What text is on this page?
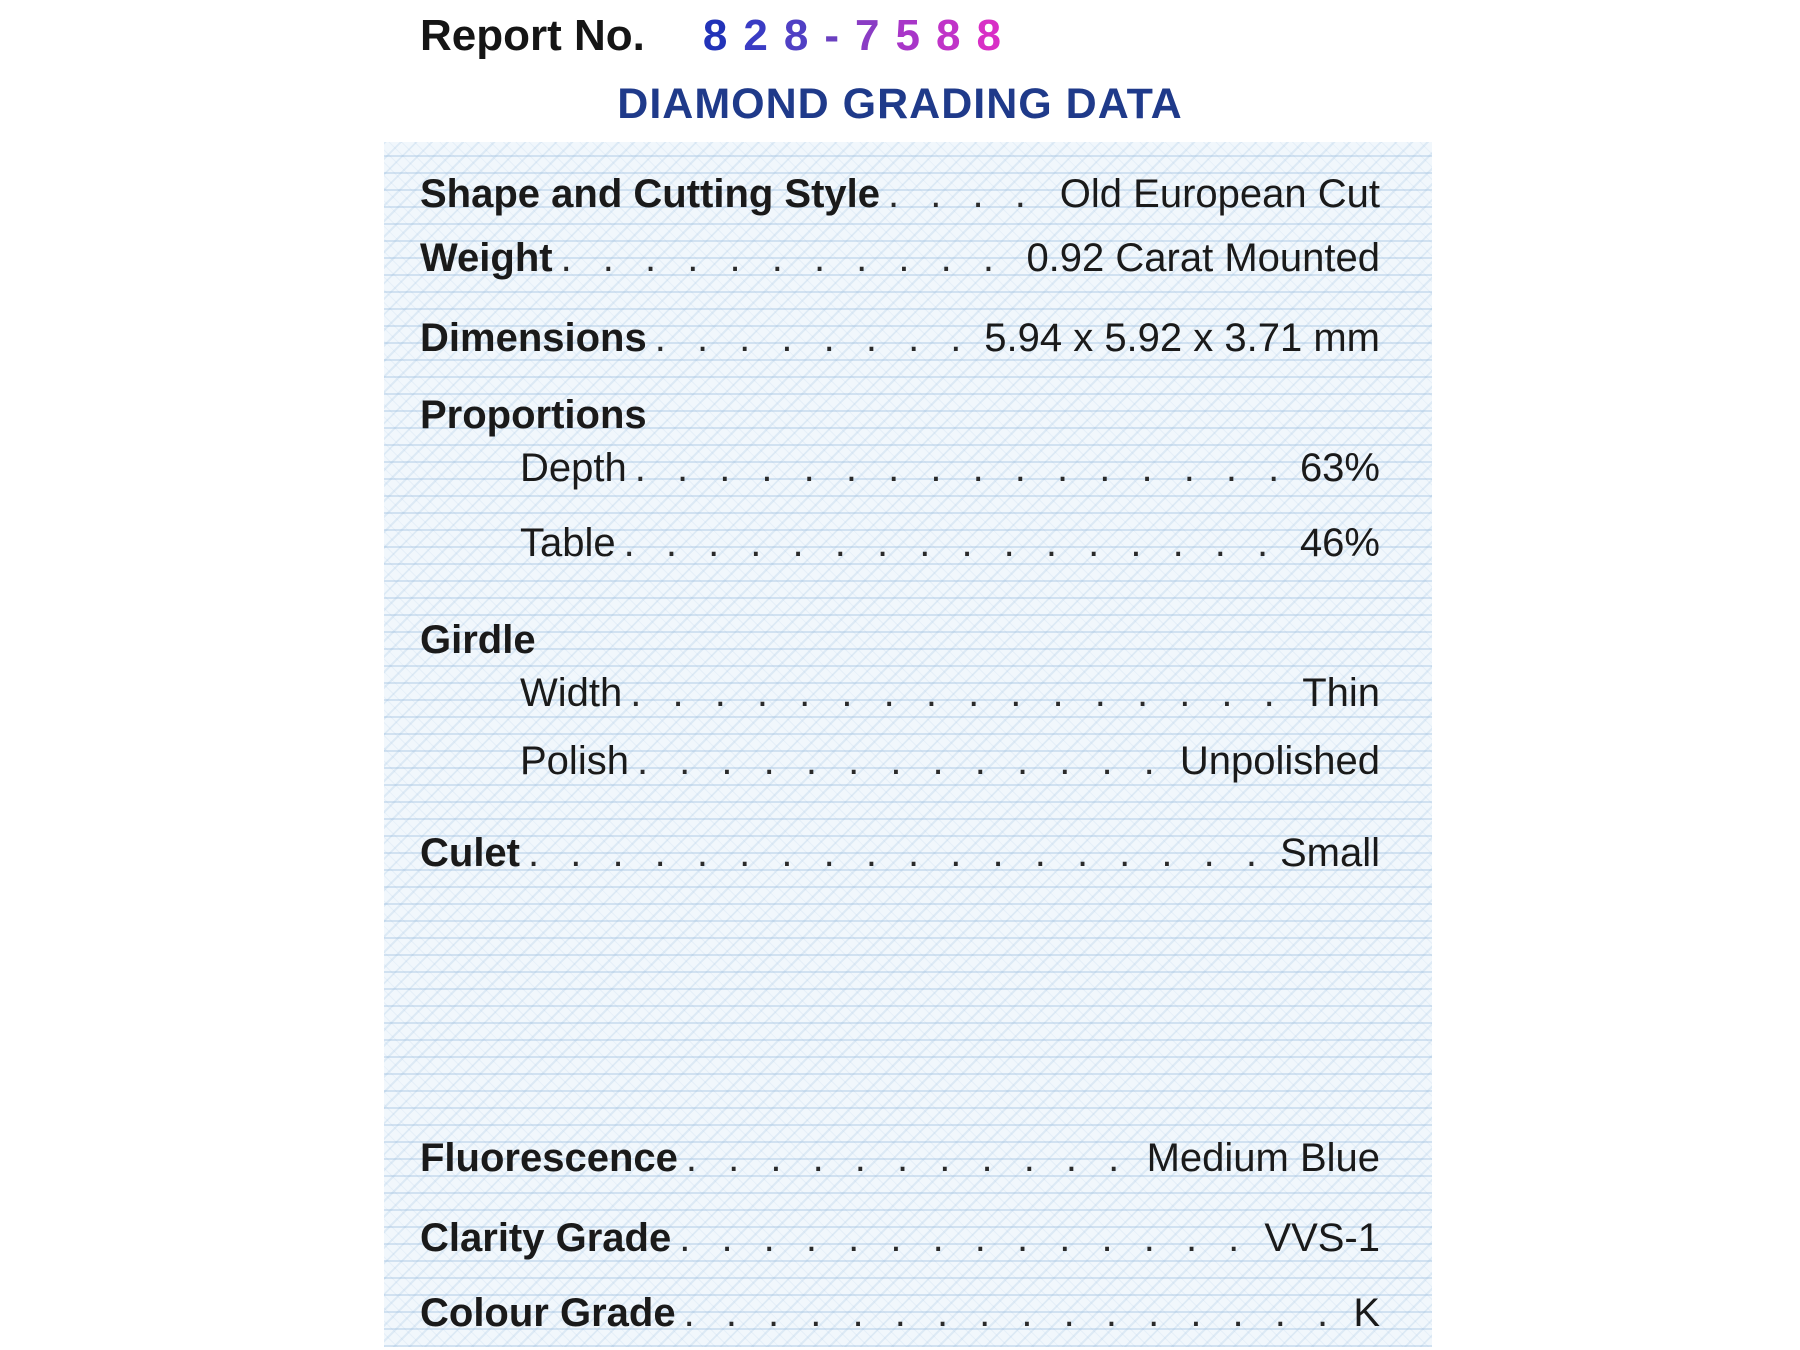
Report No. 828-7588
DIAMOND GRADING DATA
Shape and Cutting Style . . .	Old European Cut
Weight . . .	0.92 Carat Mounted
Dimensions . . .	5.94 x 5.92 x 3.71 mm
Proportions
Depth . . .	63%
Table . . .	46%
Girdle
Width . . .	Thin
Polish . . .	Unpolished
Culet . . .	Small
Fluorescence . . .	Medium Blue
Clarity Grade . . .	VVS-1
Colour Grade . . .	K
